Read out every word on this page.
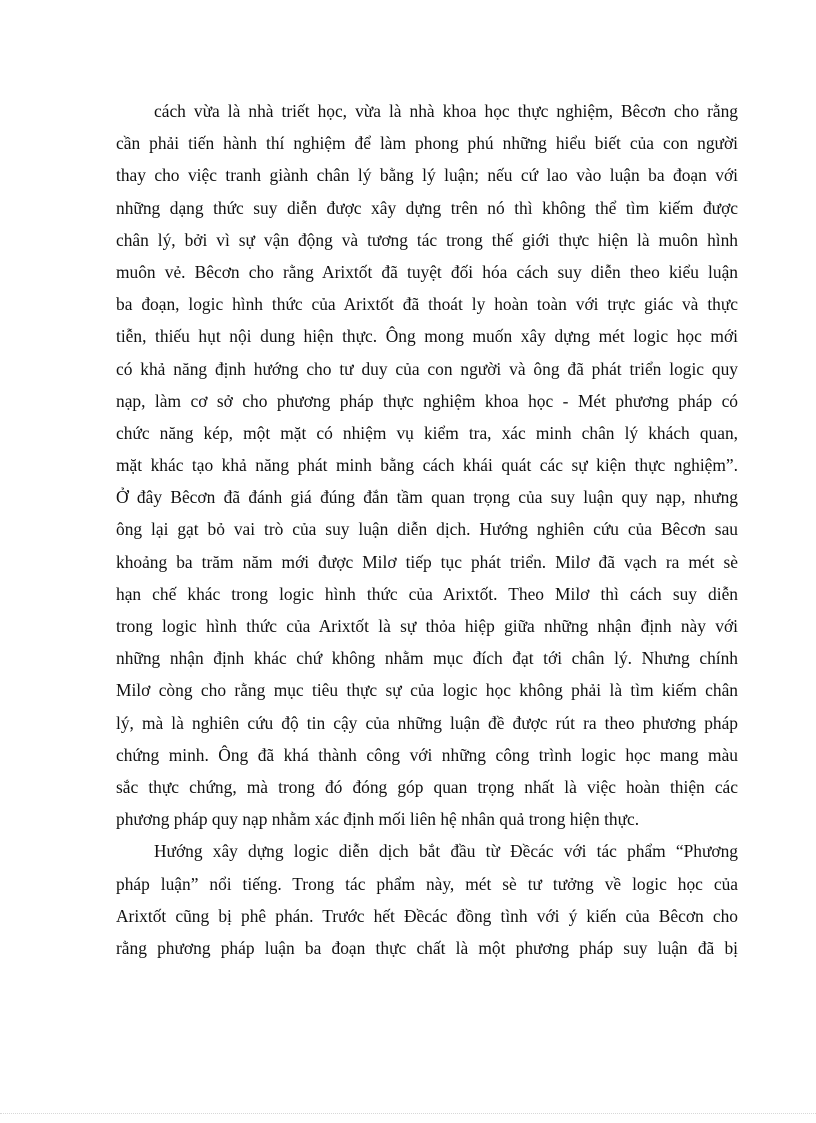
cách vừa là nhà triết học, vừa là nhà khoa học thực nghiệm, Bêcơn cho rằng
cần phải tiến hành thí nghiệm để làm phong phú những hiểu biết của con người
thay cho việc tranh giành chân lý bằng lý luận; nếu cứ lao vào luận ba đoạn với
những dạng thức suy diễn được xây dựng trên nó thì không thể tìm kiếm được
chân lý, bởi vì sự vận động và tương tác trong thế giới thực hiện là muôn hình
muôn vẻ. Bêcơn cho rằng Arixtốt đã tuyệt đối hóa cách suy diễn theo kiểu luận
ba đoạn, logic hình thức của Arixtốt đã thoát ly hoàn toàn với trực giác và thực
tiễn, thiếu hụt nội dung hiện thực. Ông mong muốn xây dựng mét logic học mới
có khả năng định hướng cho tư duy của con người và ông đã phát triển logic quy
nạp, làm cơ sở cho phương pháp thực nghiệm khoa học - Mét phương pháp có
chức năng kép, một mặt có nhiệm vụ kiểm tra, xác minh chân lý khách quan,
mặt khác tạo khả năng phát minh bằng cách khái quát các sự kiện thực nghiệm”.
Ở đây Bêcơn đã đánh giá đúng đắn tầm quan trọng của suy luận quy nạp, nhưng
ông lại gạt bỏ vai trò của suy luận diễn dịch. Hướng nghiên cứu của Bêcơn sau
khoảng ba trăm năm mới được Milơ tiếp tục phát triển. Milơ đã vạch ra mét sè
hạn chế khác trong logic hình thức của Arixtốt. Theo Milơ thì cách suy diễn
trong logic hình thức của Arixtốt là sự thỏa hiệp giữa những nhận định này với
những nhận định khác chứ không nhằm mục đích đạt tới chân lý. Nhưng chính
Milơ còng cho rằng mục tiêu thực sự của logic học không phải là tìm kiếm chân
lý, mà là nghiên cứu độ tin cậy của những luận đề được rút ra theo phương pháp
chứng minh. Ông đã khá thành công với những công trình logic học mang màu
sắc thực chứng, mà trong đó đóng góp quan trọng nhất là việc hoàn thiện các
phương pháp quy nạp nhằm xác định mối liên hệ nhân quả trong hiện thực.
Hướng xây dựng logic diễn dịch bắt đầu từ Đềcác với tác phẩm “Phương
pháp luận” nổi tiếng. Trong tác phẩm này, mét sè tư tưởng về logic học của
Arixtốt cũng bị phê phán. Trước hết Đềcác đồng tình với ý kiến của Bêcơn cho
rằng phương pháp luận ba đoạn thực chất là một phương pháp suy luận đã bị
